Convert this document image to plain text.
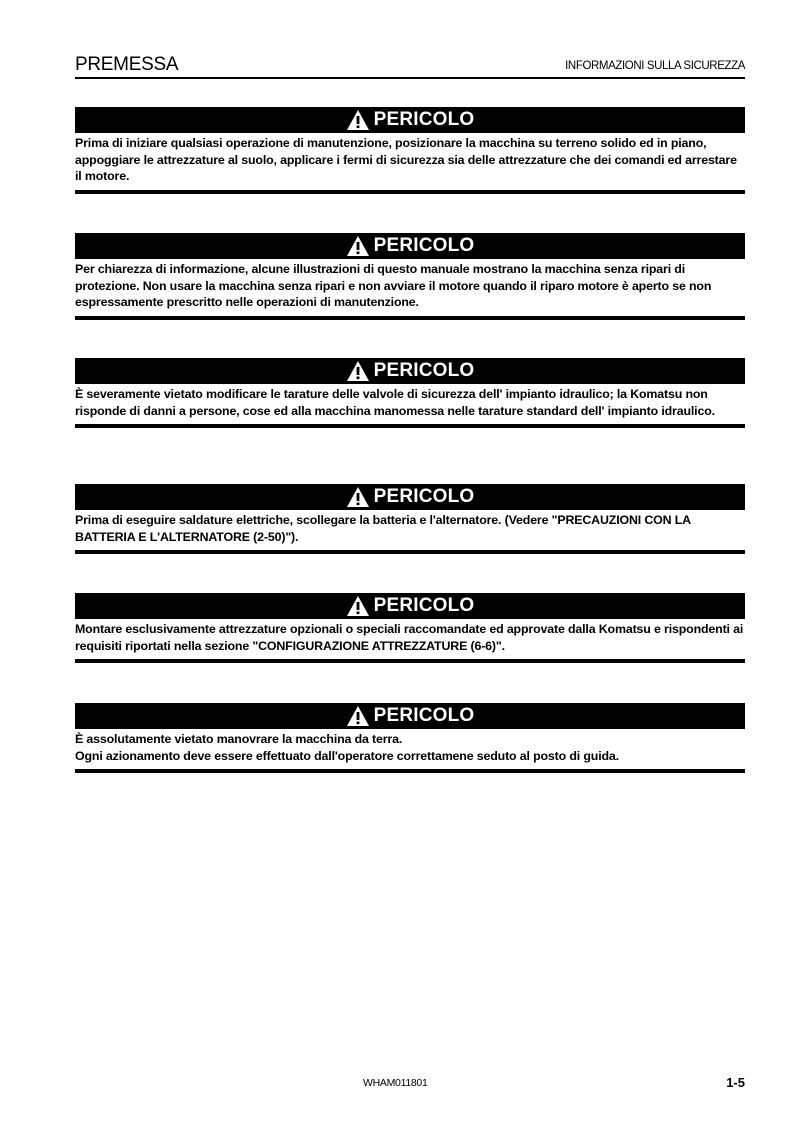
PREMESSA	INFORMAZIONI SULLA SICUREZZA
PERICOLO

Prima di iniziare qualsiasi operazione di manutenzione, posizionare la macchina su terreno solido ed in piano, appoggiare le attrezzature al suolo, applicare i fermi di sicurezza sia delle attrezzature che dei comandi ed arrestare il motore.

PERICOLO

Per chiarezza di informazione, alcune illustrazioni di questo manuale mostrano la macchina senza ripari di protezione. Non usare la macchina senza ripari e non avviare il motore quando il riparo motore è aperto se non espressamente prescritto nelle operazioni di manutenzione.

PERICOLO

È severamente vietato modificare le tarature delle valvole di sicurezza dell' impianto idraulico; la Komatsu non risponde di danni a persone, cose ed alla macchina manomessa nelle tarature standard dell' impianto idraulico.

PERICOLO

Prima di eseguire saldature elettriche, scollegare la batteria e l'alternatore. (Vedere "PRECAUZIONI CON LA BATTERIA E L'ALTERNATORE (2-50)").

PERICOLO

Montare esclusivamente attrezzature opzionali o speciali raccomandate ed approvate dalla Komatsu e rispondenti ai requisiti riportati nella sezione "CONFIGURAZIONE ATTREZZATURE (6-6)".

PERICOLO

È assolutamente vietato manovrare la macchina da terra.

Ogni azionamento deve essere effettuato dall'operatore correttamene seduto al posto di guida.

WHAM011801	1-5
